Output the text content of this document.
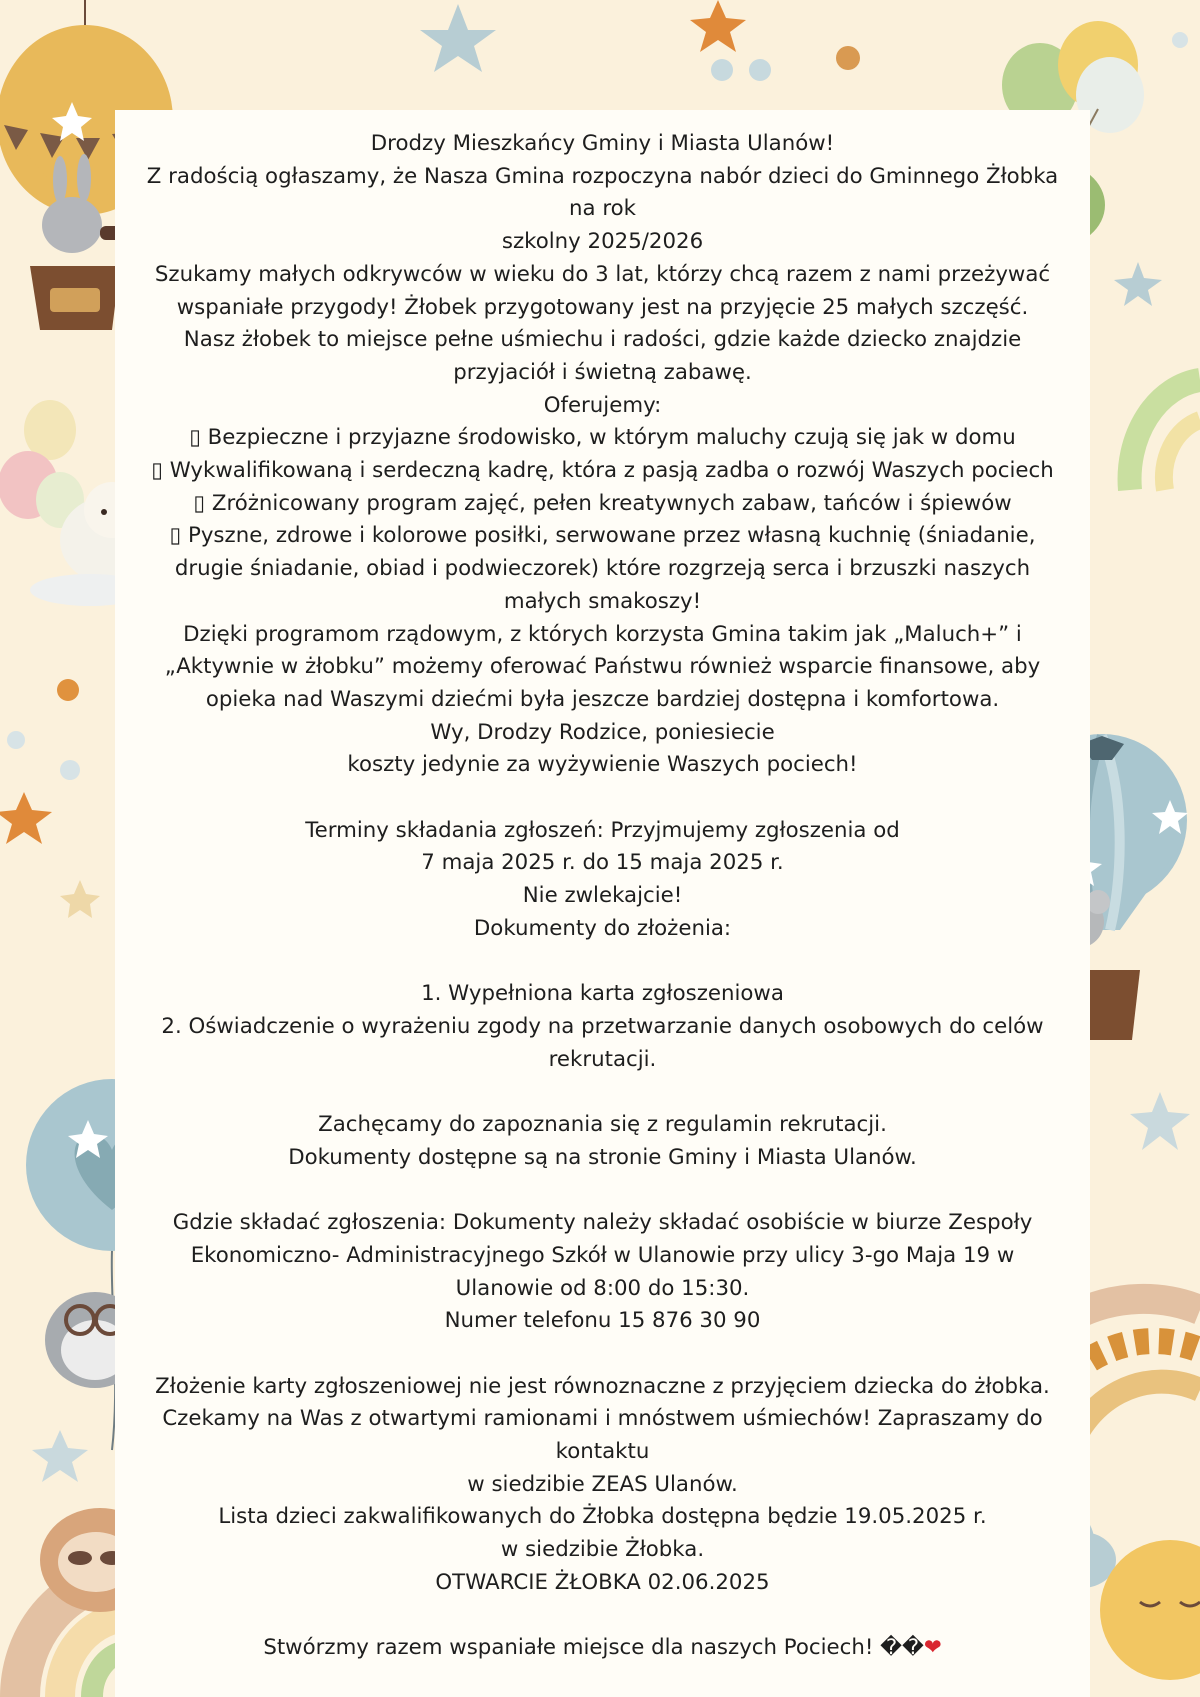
Drodzy Mieszkańcy Gminy i Miasta Ulanów!
Z radością ogłaszamy, że Nasza Gmina rozpoczyna nabór dzieci do Gminnego Żłobka
na rok
szkolny 2025/2026
Szukamy małych odkrywców w wieku do 3 lat, którzy chcą razem z nami przeżywać
wspaniałe przygody! Żłobek przygotowany jest na przyjęcie 25 małych szczęść.
Nasz żłobek to miejsce pełne uśmiechu i radości, gdzie każde dziecko znajdzie
przyjaciół i świetną zabawę.
Oferujemy:
▯ Bezpieczne i przyjazne środowisko, w którym maluchy czują się jak w domu
▯ Wykwalifikowaną i serdeczną kadrę, która z pasją zadba o rozwój Waszych pociech
▯ Zróżnicowany program zajęć, pełen kreatywnych zabaw, tańców i śpiewów
▯ Pyszne, zdrowe i kolorowe posiłki, serwowane przez własną kuchnię (śniadanie,
drugie śniadanie, obiad i podwieczorek) które rozgrzeją serca i brzuszki naszych
małych smakoszy!
Dzięki programom rządowym, z których korzysta Gmina takim jak „Maluch+” i
„Aktywnie w żłobku” możemy oferować Państwu również wsparcie finansowe, aby
opieka nad Waszymi dziećmi była jeszcze bardziej dostępna i komfortowa.
Wy, Drodzy Rodzice, poniesiecie
koszty jedynie za wyżywienie Waszych pociech!
Terminy składania zgłoszeń: Przyjmujemy zgłoszenia od
7 maja 2025 r. do 15 maja 2025 r.
Nie zwlekajcie!
Dokumenty do złożenia:
1. Wypełniona karta zgłoszeniowa
2. Oświadczenie o wyrażeniu zgody na przetwarzanie danych osobowych do celów
rekrutacji.
Zachęcamy do zapoznania się z regulamin rekrutacji.
Dokumenty dostępne są na stronie Gminy i Miasta Ulanów.
Gdzie składać zgłoszenia: Dokumenty należy składać osobiście w biurze Zespoły
Ekonomiczno- Administracyjnego Szkół w Ulanowie przy ulicy 3-go Maja 19 w
Ulanowie od 8:00 do 15:30.
Numer telefonu 15 876 30 90
Złożenie karty zgłoszeniowej nie jest równoznaczne z przyjęciem dziecka do żłobka.
Czekamy na Was z otwartymi ramionami i mnóstwem uśmiechów! Zapraszamy do
kontaktu
w siedzibie ZEAS Ulanów.
Lista dzieci zakwalifikowanych do Żłobka dostępna będzie 19.05.2025 r.
w siedzibie Żłobka.
OTWARCIE ŻŁOBKA 02.06.2025
Stwórzmy razem wspaniałe miejsce dla naszych Pociech! ��❤
